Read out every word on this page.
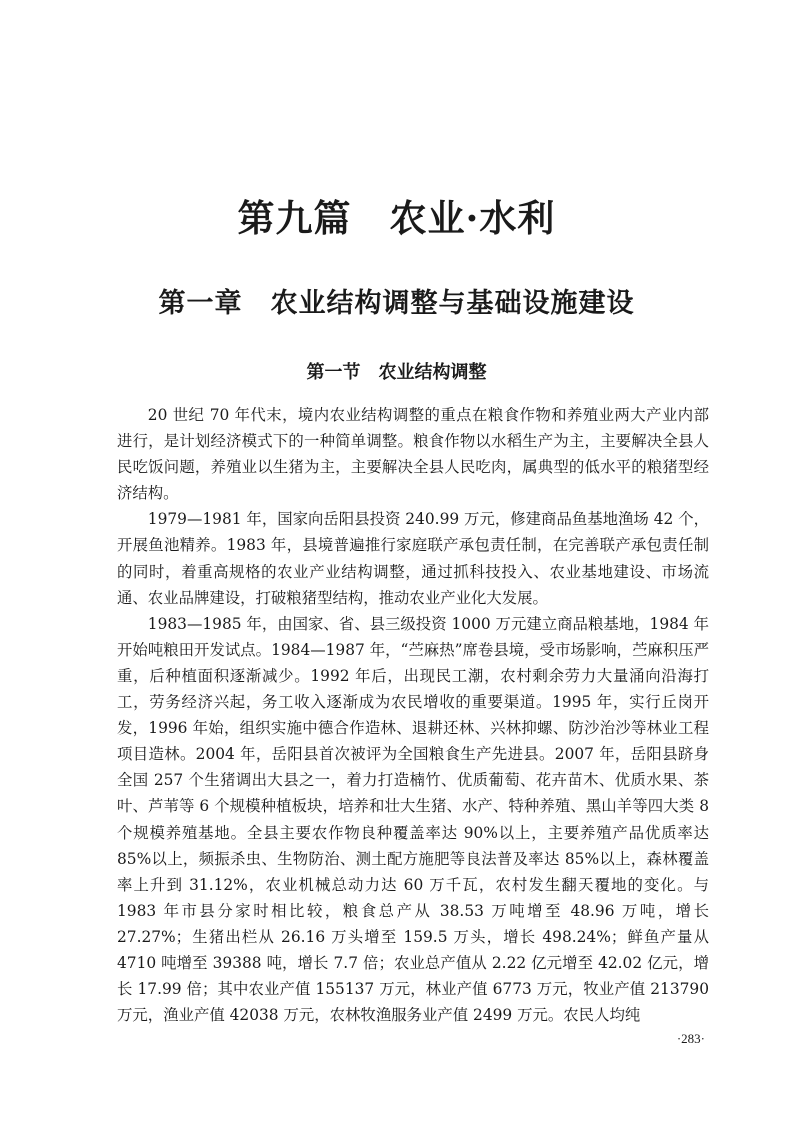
第九篇　农业·水利
第一章　农业结构调整与基础设施建设
第一节　农业结构调整

20 世纪 70 年代末，境内农业结构调整的重点在粮食作物和养殖业两大产业内部进行，是计划经济模式下的一种简单调整。粮食作物以水稻生产为主，主要解决全县人民吃饭问题，养殖业以生猪为主，主要解决全县人民吃肉，属典型的低水平的粮猪型经济结构。

1979—1981 年，国家向岳阳县投资 240.99 万元，修建商品鱼基地渔场 42 个，开展鱼池精养。1983 年，县境普遍推行家庭联产承包责任制，在完善联产承包责任制的同时，着重高规格的农业产业结构调整，通过抓科技投入、农业基地建设、市场流通、农业品牌建设，打破粮猪型结构，推动农业产业化大发展。

1983—1985 年，由国家、省、县三级投资 1000 万元建立商品粮基地，1984 年开始吨粮田开发试点。1984—1987 年，“苎麻热”席卷县境，受市场影响，苎麻积压严重，后种植面积逐渐减少。1992 年后，出现民工潮，农村剩余劳力大量涌向沿海打工，劳务经济兴起，务工收入逐渐成为农民增收的重要渠道。1995 年，实行丘岗开发，1996 年始，组织实施中德合作造林、退耕还林、兴林抑螺、防沙治沙等林业工程项目造林。2004 年，岳阳县首次被评为全国粮食生产先进县。2007 年，岳阳县跻身全国 257 个生猪调出大县之一，着力打造楠竹、优质葡萄、花卉苗木、优质水果、茶叶、芦苇等 6 个规模种植板块，培养和壮大生猪、水产、特种养殖、黑山羊等四大类 8 个规模养殖基地。全县主要农作物良种覆盖率达 90%以上，主要养殖产品优质率达 85%以上，频振杀虫、生物防治、测土配方施肥等良法普及率达 85%以上，森林覆盖率上升到 31.12%，农业机械总动力达 60 万千瓦，农村发生翻天覆地的变化。与 1983 年市县分家时相比较，粮食总产从 38.53 万吨增至 48.96 万吨，增长 27.27%；生猪出栏从 26.16 万头增至 159.5 万头，增长 498.24%；鲜鱼产量从 4710 吨增至 39388 吨，增长 7.7 倍；农业总产值从 2.22 亿元增至 42.02 亿元，增长 17.99 倍；其中农业产值 155137 万元，林业产值 6773 万元，牧业产值 213790 万元，渔业产值 42038 万元，农林牧渔服务业产值 2499 万元。农民人均纯

·283·
